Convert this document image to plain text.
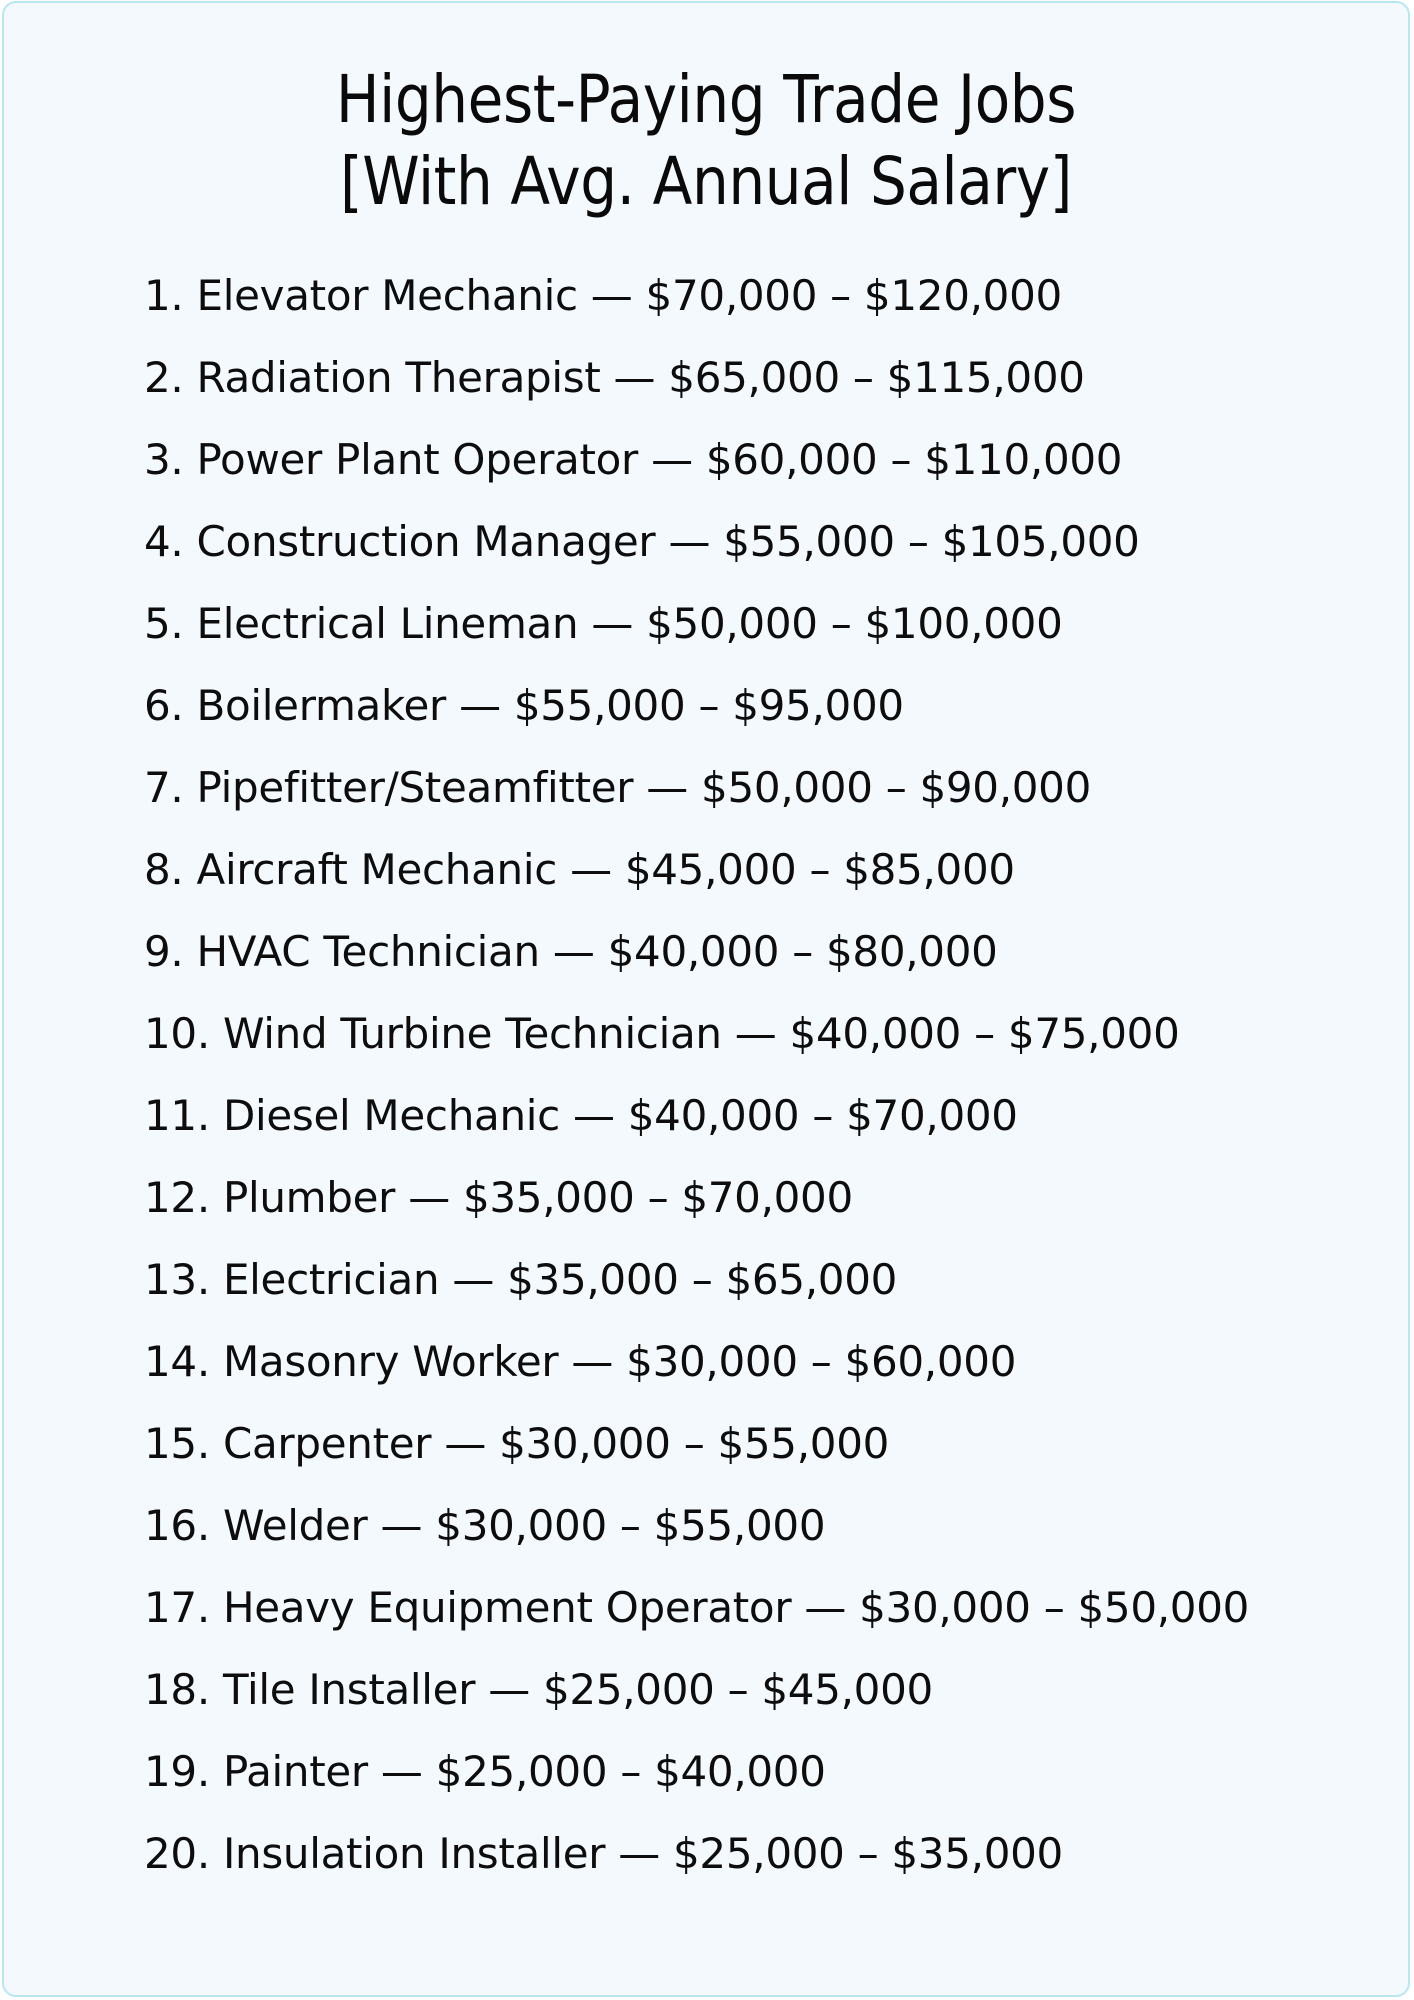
Highest-Paying Trade Jobs
[With Avg. Annual Salary]
1. Elevator Mechanic — $70,000 – $120,000
2. Radiation Therapist — $65,000 – $115,000
3. Power Plant Operator — $60,000 – $110,000
4. Construction Manager — $55,000 – $105,000
5. Electrical Lineman — $50,000 – $100,000
6. Boilermaker — $55,000 – $95,000
7. Pipefitter/Steamfitter — $50,000 – $90,000
8. Aircraft Mechanic — $45,000 – $85,000
9. HVAC Technician — $40,000 – $80,000
10. Wind Turbine Technician — $40,000 – $75,000
11. Diesel Mechanic — $40,000 – $70,000
12. Plumber — $35,000 – $70,000
13. Electrician — $35,000 – $65,000
14. Masonry Worker — $30,000 – $60,000
15. Carpenter — $30,000 – $55,000
16. Welder — $30,000 – $55,000
17. Heavy Equipment Operator — $30,000 – $50,000
18. Tile Installer — $25,000 – $45,000
19. Painter — $25,000 – $40,000
20. Insulation Installer — $25,000 – $35,000
